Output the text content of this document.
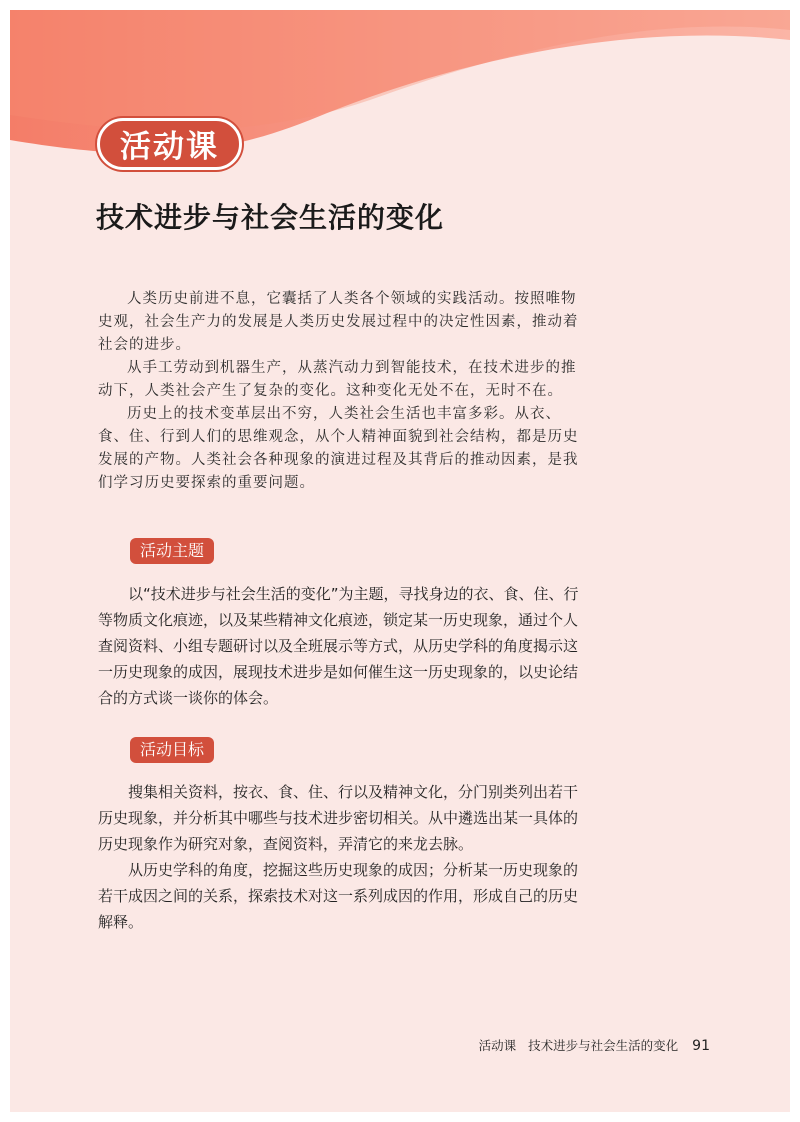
活动课
技术进步与社会生活的变化

人类历史前进不息，它囊括了人类各个领域的实践活动。按照唯物史观，社会生产力的发展是人类历史发展过程中的决定性因素，推动着社会的进步。

从手工劳动到机器生产，从蒸汽动力到智能技术，在技术进步的推动下，人类社会产生了复杂的变化。这种变化无处不在，无时不在。

历史上的技术变革层出不穷，人类社会生活也丰富多彩。从衣、食、住、行到人们的思维观念，从个人精神面貌到社会结构，都是历史发展的产物。人类社会各种现象的演进过程及其背后的推动因素，是我们学习历史要探索的重要问题。

活动主题

以“技术进步与社会生活的变化”为主题，寻找身边的衣、食、住、行等物质文化痕迹，以及某些精神文化痕迹，锁定某一历史现象，通过个人查阅资料、小组专题研讨以及全班展示等方式，从历史学科的角度揭示这一历史现象的成因，展现技术进步是如何催生这一历史现象的，以史论结合的方式谈一谈你的体会。

活动目标

搜集相关资料，按衣、食、住、行以及精神文化，分门别类列出若干历史现象，并分析其中哪些与技术进步密切相关。从中遴选出某一具体的历史现象作为研究对象，查阅资料，弄清它的来龙去脉。

从历史学科的角度，挖掘这些历史现象的成因；分析某一历史现象的若干成因之间的关系，探索技术对这一系列成因的作用，形成自己的历史解释。

活动课 技术进步与社会生活的变化 91
